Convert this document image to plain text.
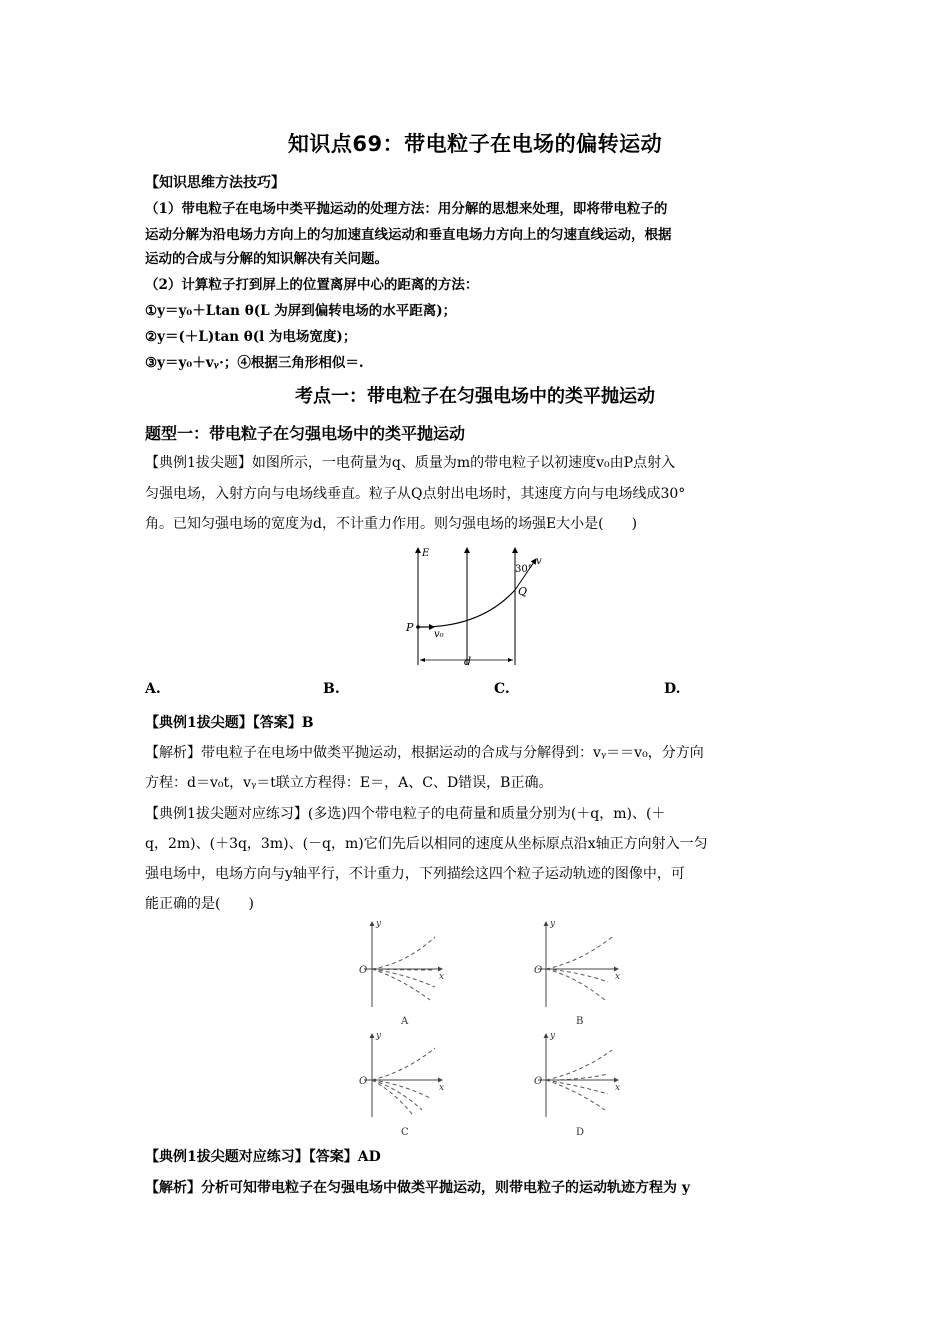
知识点69：带电粒子在电场的偏转运动
【知识思维方法技巧】
（1）带电粒子在电场中类平抛运动的处理方法：用分解的思想来处理，即将带电粒子的
运动分解为沿电场力方向上的匀加速直线运动和垂直电场力方向上的匀速直线运动，根据
运动的合成与分解的知识解决有关问题。
（2）计算粒子打到屏上的位置离屏中心的距离的方法：
①y＝y₀＋Ltan θ(L 为屏到偏转电场的水平距离)；
②y＝(＋L)tan θ(l 为电场宽度)；
③y＝y₀＋vᵧ·；④根据三角形相似＝.
考点一：带电粒子在匀强电场中的类平抛运动
题型一：带电粒子在匀强电场中的类平抛运动
【典例1拔尖题】如图所示，一电荷量为q、质量为m的带电粒子以初速度v₀由P点射入
匀强电场，入射方向与电场线垂直。粒子从Q点射出电场时，其速度方向与电场线成30°
角。已知匀强电场的宽度为d，不计重力作用。则匀强电场的场强E大小是(　　)
E
v
30°
v₀
P
Q
d
A.	B.	C.	D.
【典例1拔尖题】【答案】B
【解析】带电粒子在电场中做类平抛运动，根据运动的合成与分解得到：vᵧ＝＝v₀，分方向
方程：d＝v₀t，vᵧ＝t联立方程得：E＝，A、C、D错误，B正确。
【典例1拔尖题对应练习】(多选)四个带电粒子的电荷量和质量分别为(＋q，m)、(＋
q，2m)、(＋3q，3m)、(－q，m)它们先后以相同的速度从坐标原点沿x轴正方向射入一匀
强电场中，电场方向与y轴平行，不计重力，下列描绘这四个粒子运动轨迹的图像中，可
能正确的是(　　)
y
x
O
A
y
x
O
B
y
x
O
C
y
x
O
D
【典例1拔尖题对应练习】【答案】AD
【解析】分析可知带电粒子在匀强电场中做类平抛运动，则带电粒子的运动轨迹方程为 y
